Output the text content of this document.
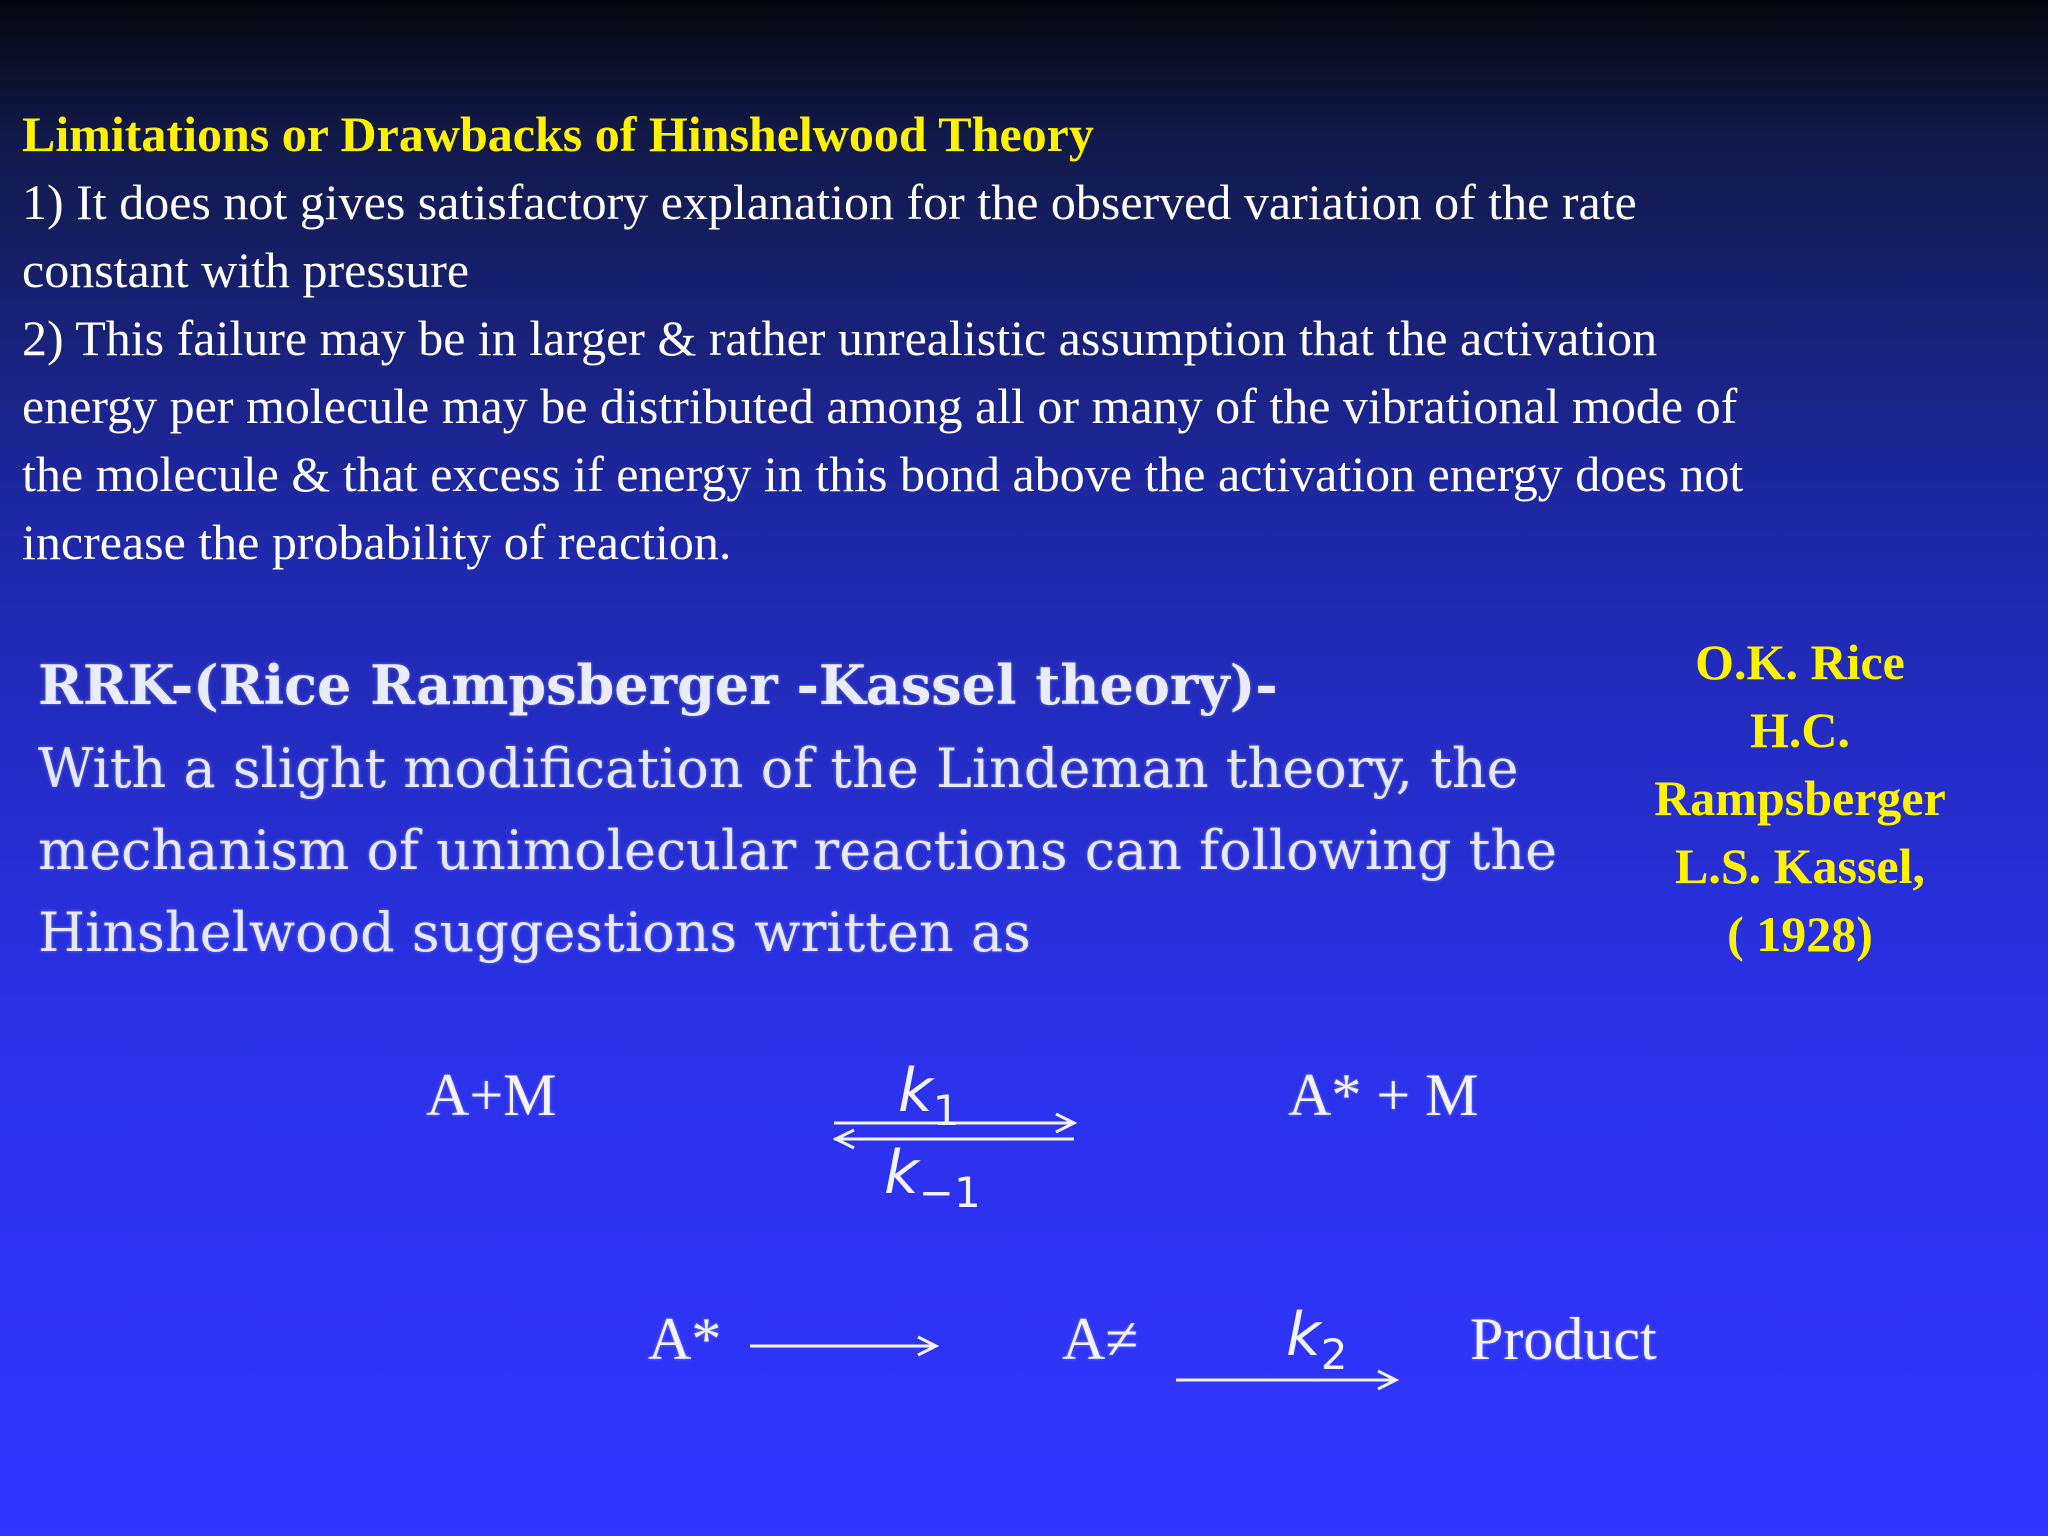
Limitations or Drawbacks of Hinshelwood Theory
1) It does not gives satisfactory explanation for the observed variation of the rate
constant with pressure
2) This failure may be in larger & rather unrealistic assumption that the activation
energy per molecule may be distributed among all or many of the vibrational mode of
the molecule & that excess if energy in this bond above the activation energy does not
increase the probability of reaction.
RRK-(Rice Rampsberger -Kassel theory)-
With a slight modification of the Lindeman theory, the
mechanism of unimolecular reactions can following the
Hinshelwood suggestions written as
O.K. Rice
H.C.
Rampsberger
L.S. Kassel,
( 1928)
A+M	$k_1$
$k_{-1}$
A* + M
A*	$A\ne k_2$ Product
